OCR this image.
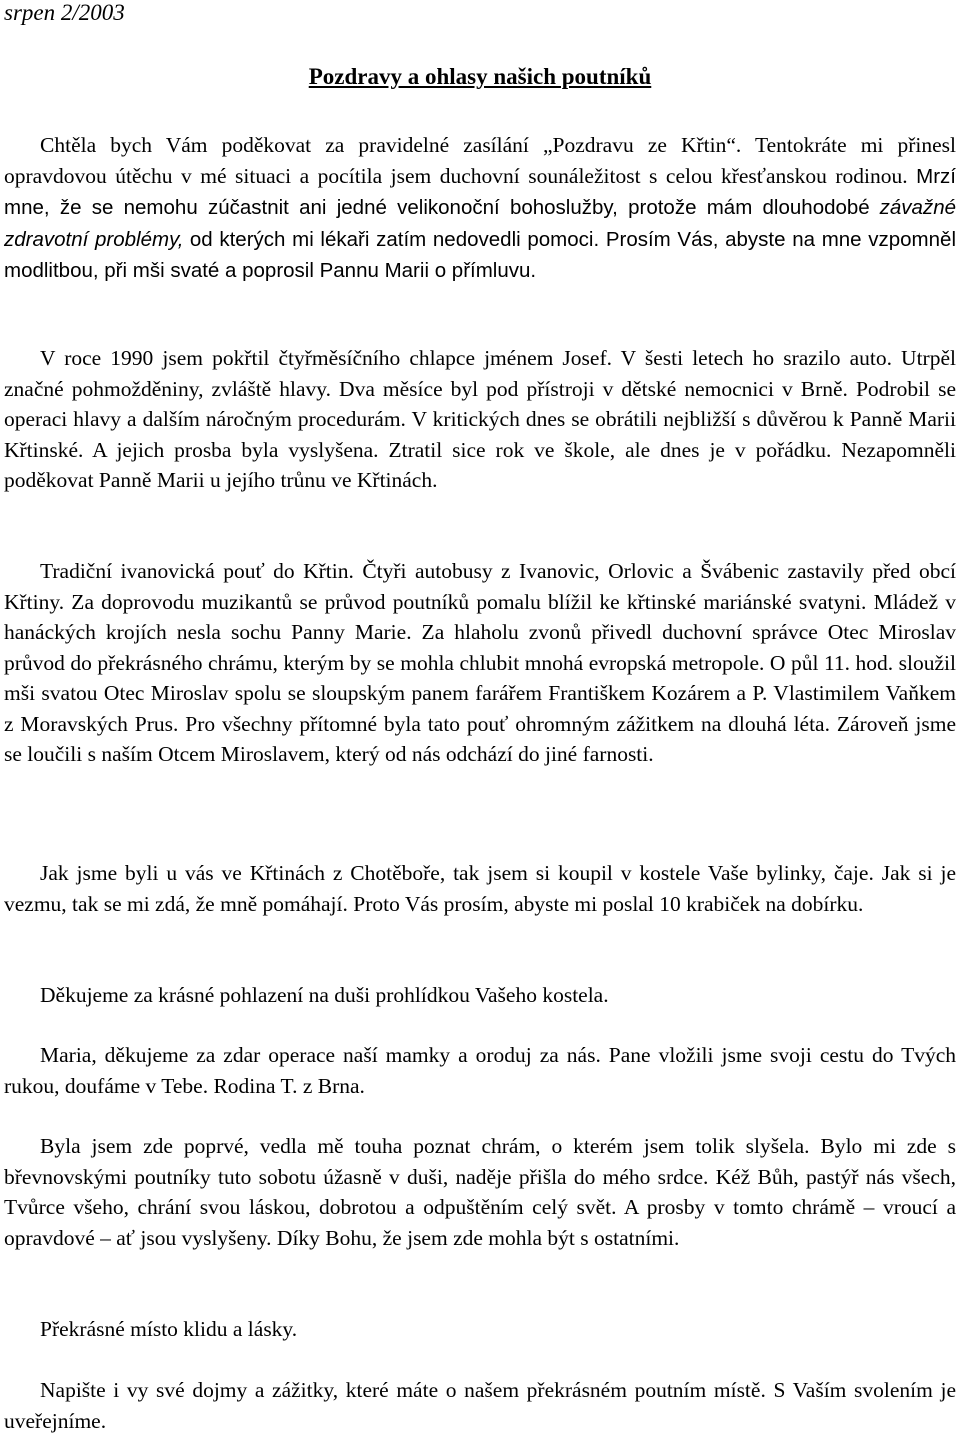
srpen 2/2003

Pozdravy a ohlasy našich poutníků

Chtěla bych Vám poděkovat za pravidelné zasílání „Pozdravu ze Křtin“. Tentokráte mi přinesl opravdovou útěchu v mé situaci a pocítila jsem duchovní sounáležitost s celou křesťanskou rodinou. Mrzí mne, že se nemohu zúčastnit ani jedné velikonoční bohoslužby, protože mám dlouhodobé závažné zdravotní problémy, od kterých mi lékaři zatím nedovedli pomoci. Prosím Vás, abyste na mne vzpomněl modlitbou, při mši svaté a poprosil Pannu Marii o přímluvu.

V roce 1990 jsem pokřtil čtyřměsíčního chlapce jménem Josef. V šesti letech ho srazilo auto. Utrpěl značné pohmožděniny, zvláště hlavy. Dva měsíce byl pod přístroji v dětské nemocnici v Brně. Podrobil se operaci hlavy a dalším náročným procedurám. V kritických dnes se obrátili nejbližší s důvěrou k Panně Marii Křtinské. A jejich prosba byla vyslyšena. Ztratil sice rok ve škole, ale dnes je v pořádku. Nezapomněli poděkovat Panně Marii u jejího trůnu ve Křtinách.

Tradiční ivanovická pouť do Křtin. Čtyři autobusy z Ivanovic, Orlovic a Švábenic zastavily před obcí Křtiny. Za doprovodu muzikantů se průvod poutníků pomalu blížil ke křtinské mariánské svatyni. Mládež v hanáckých krojích nesla sochu Panny Marie. Za hlaholu zvonů přivedl duchovní správce Otec Miroslav průvod do překrásného chrámu, kterým by se mohla chlubit mnohá evropská metropole. O půl 11. hod. sloužil mši svatou Otec Miroslav spolu se sloupským panem farářem Františkem Kozárem a P. Vlastimilem Vaňkem z Moravských Prus. Pro všechny přítomné byla tato pouť ohromným zážitkem na dlouhá léta. Zároveň jsme se loučili s naším Otcem Miroslavem, který od nás odchází do jiné farnosti.

Jak jsme byli u vás ve Křtinách z Chotěboře, tak jsem si koupil v kostele Vaše bylinky, čaje. Jak si je vezmu, tak se mi zdá, že mně pomáhají. Proto Vás prosím, abyste mi poslal 10 krabiček na dobírku.

Děkujeme za krásné pohlazení na duši prohlídkou Vašeho kostela.

Maria, děkujeme za zdar operace naší mamky a oroduj za nás. Pane vložili jsme svoji cestu do Tvých rukou, doufáme v Tebe. Rodina T. z Brna.

Byla jsem zde poprvé, vedla mě touha poznat chrám, o kterém jsem tolik slyšela. Bylo mi zde s břevnovskými poutníky tuto sobotu úžasně v duši, naděje přišla do mého srdce. Kéž Bůh, pastýř nás všech, Tvůrce všeho, chrání svou láskou, dobrotou a odpuštěním celý svět. A prosby v tomto chrámě – vroucí a opravdové – ať jsou vyslyšeny. Díky Bohu, že jsem zde mohla být s ostatními.

Překrásné místo klidu a lásky.

Napište i vy své dojmy a zážitky, které máte o našem překrásném poutním místě. S Vaším svolením je uveřejníme.
